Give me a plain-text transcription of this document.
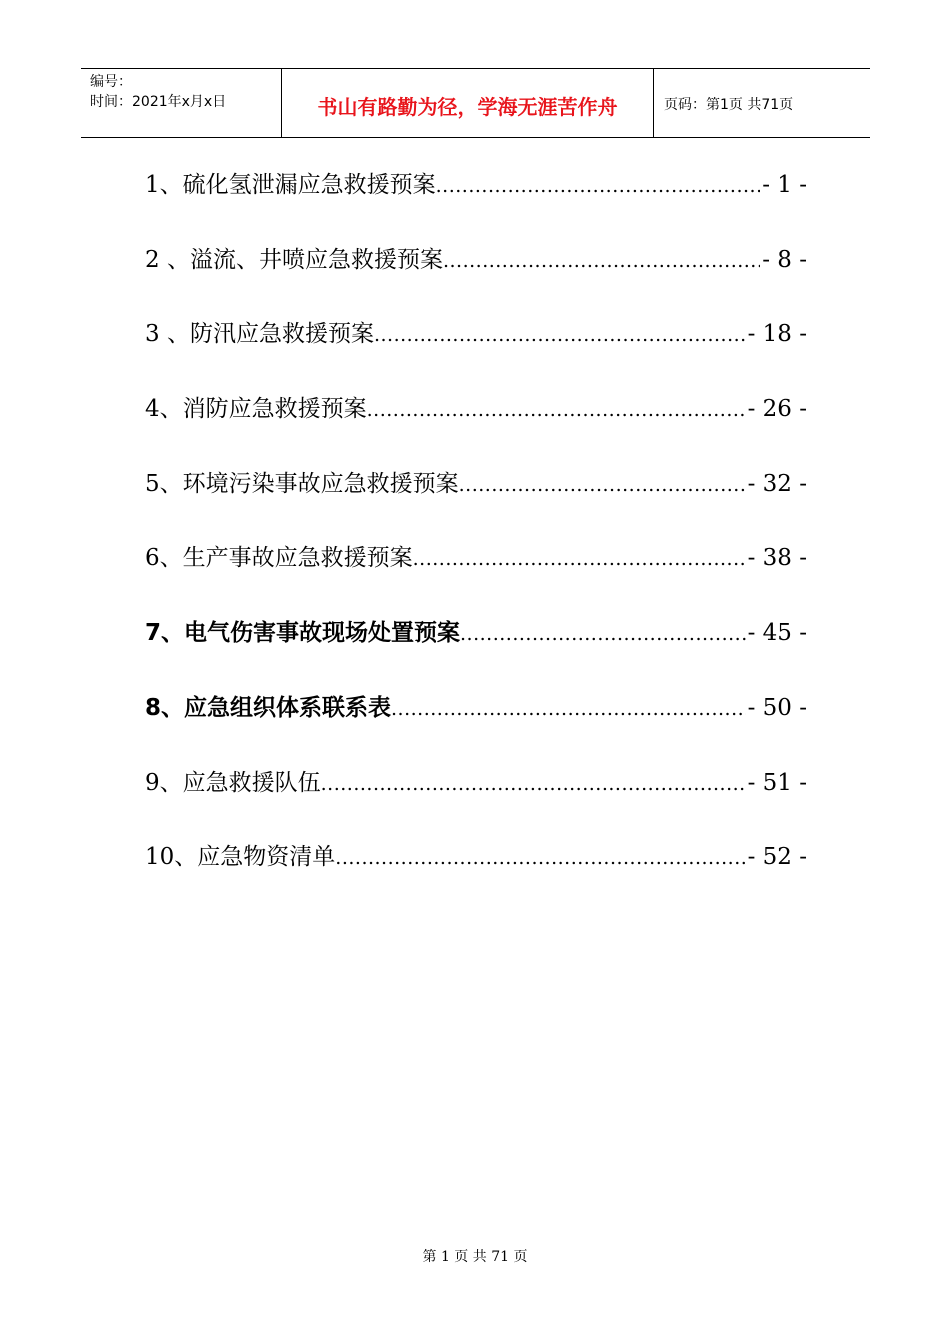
编号：
时间：2021年x月x日	书山有路勤为径，学海无涯苦作舟	页码：第1页 共71页
1、硫化氢泄漏应急救援预案 .....	- 1 -
2 、溢流、井喷应急救援预案 .....	- 8 -
3 、防汛应急救援预案 .....	- 18 -
4、消防应急救援预案 .....	- 26 -
5、环境污染事故应急救援预案 .....	- 32 -
6、生产事故应急救援预案 .....	- 38 -
7、电气伤害事故现场处置预案 .....	- 45 -
8、应急组织体系联系表 .....	- 50 -
9、应急救援队伍 .....	- 51 -
10、应急物资清单 .....	- 52 -
第 1 页 共 71 页
